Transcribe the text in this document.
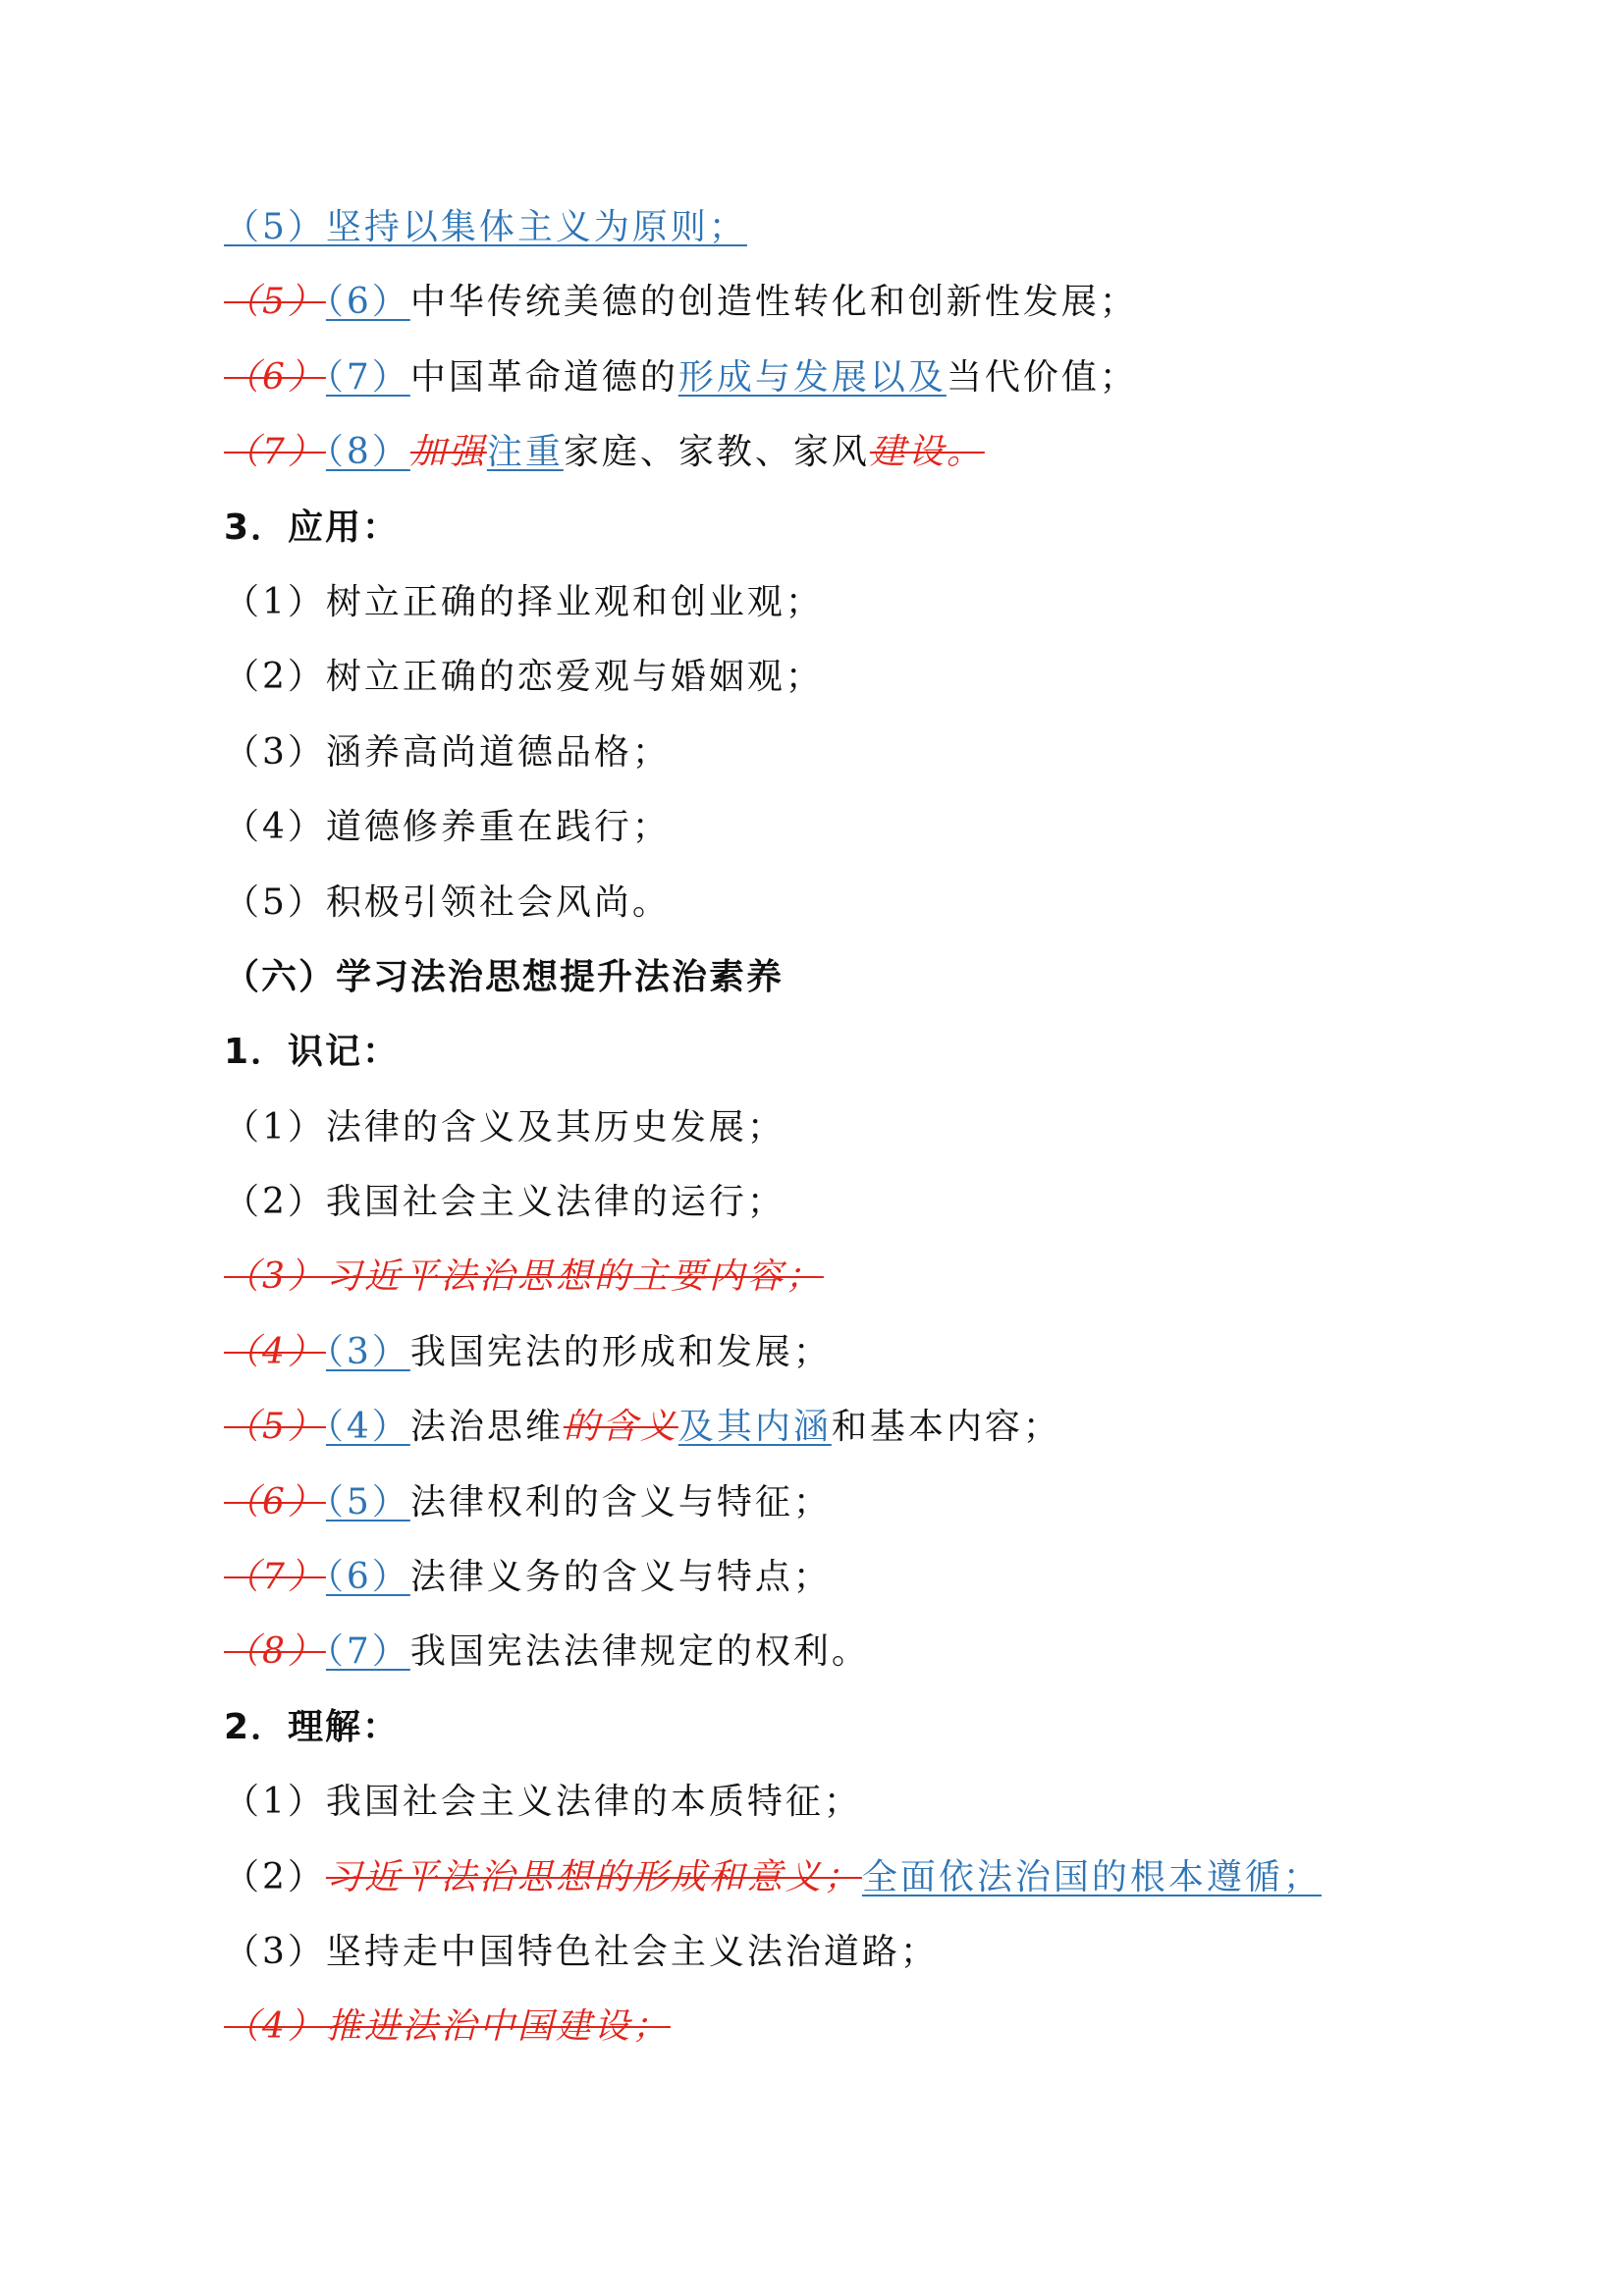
（5）坚持以集体主义为原则；
（5）（6）中华传统美德的创造性转化和创新性发展；
（6）（7）中国革命道德的形成与发展以及当代价值；
（7）（8）加强注重家庭、家教、家风建设。
3．应用：
（1）树立正确的择业观和创业观；
（2）树立正确的恋爱观与婚姻观；
（3）涵养高尚道德品格；
（4）道德修养重在践行；
（5）积极引领社会风尚。
（六）学习法治思想提升法治素养
1．识记：
（1）法律的含义及其历史发展；
（2）我国社会主义法律的运行；
（3）习近平法治思想的主要内容；
（4）（3）我国宪法的形成和发展；
（5）（4）法治思维的含义及其内涵和基本内容；
（6）（5）法律权利的含义与特征；
（7）（6）法律义务的含义与特点；
（8）（7）我国宪法法律规定的权利。
2．理解：
（1）我国社会主义法律的本质特征；
（2）习近平法治思想的形成和意义；全面依法治国的根本遵循；
（3）坚持走中国特色社会主义法治道路；
（4）推进法治中国建设；
